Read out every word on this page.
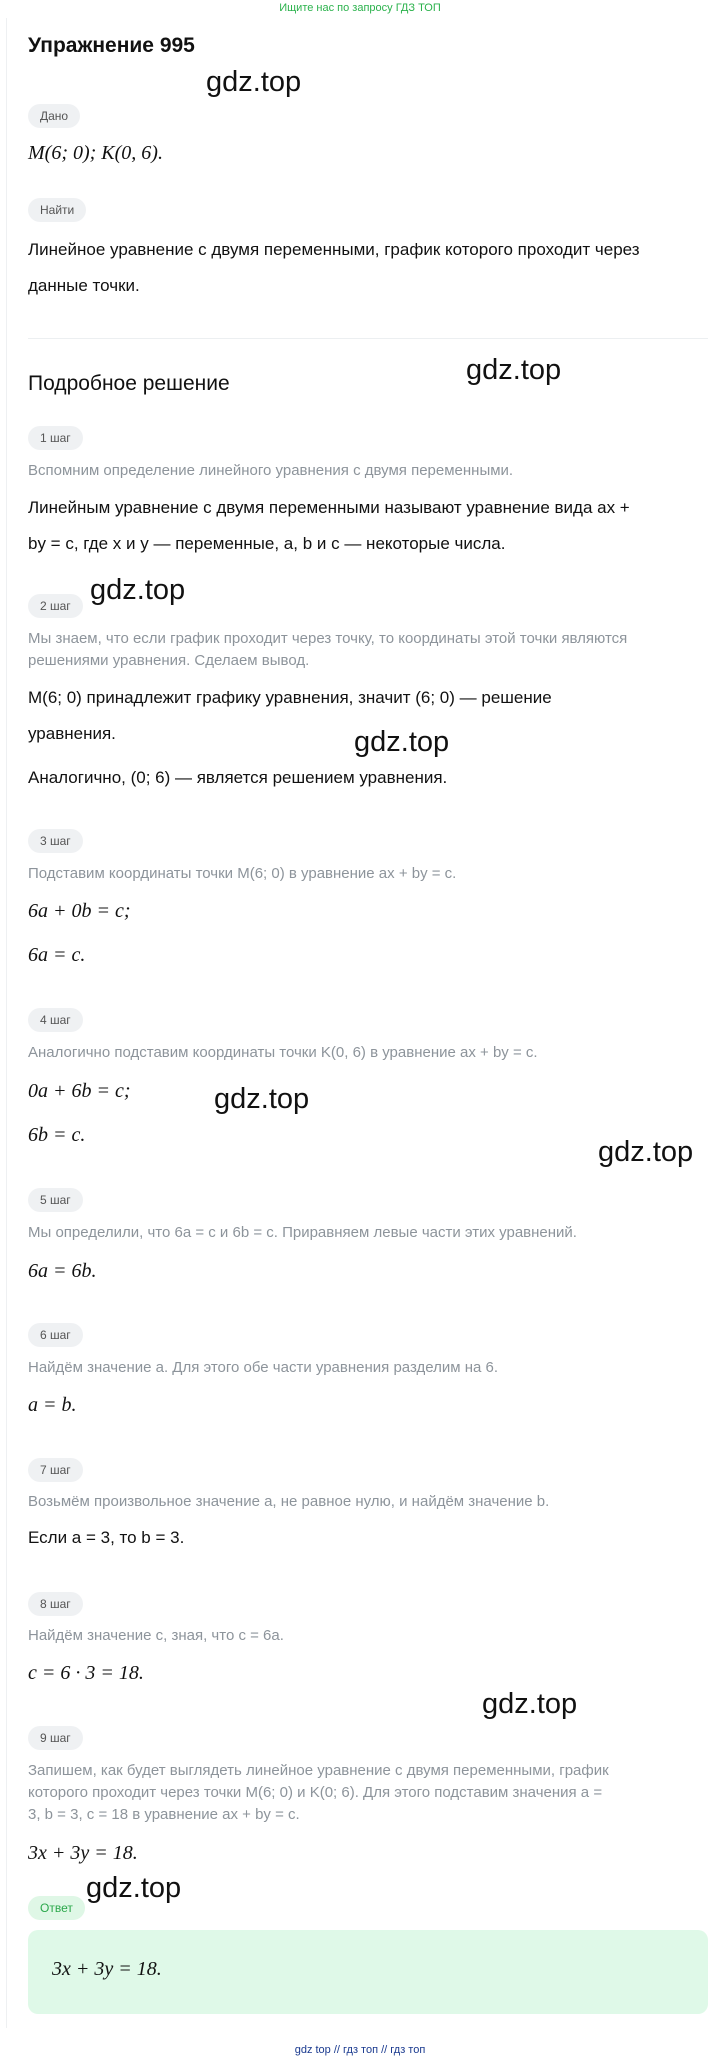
Ищите нас по запросу ГДЗ ТОП
Упражнение 995
Дано
M(6; 0); K(0, 6).
Найти
Линейное уравнение с двумя переменными, график которого проходит через
данные точки.
Подробное решение
1 шаг
Вспомним определение линейного уравнения с двумя переменными.
Линейным уравнение с двумя переменными называют уравнение вида ax +
by = c, где x и y — переменные, a, b и c — некоторые числа.
2 шаг
Мы знаем, что если график проходит через точку, то координаты этой точки являются
решениями уравнения. Сделаем вывод.
M(6; 0) принадлежит графику уравнения, значит (6; 0) — решение
уравнения.
Аналогично, (0; 6) — является решением уравнения.
3 шаг
Подставим координаты точки M(6; 0) в уравнение ax + by = c.
6a + 0b = c;
6a = c.
4 шаг
Аналогично подставим координаты точки K(0, 6) в уравнение ax + by = c.
0a + 6b = c;
6b = c.
5 шаг
Мы определили, что 6a = c и 6b = c. Приравняем левые части этих уравнений.
6a = 6b.
6 шаг
Найдём значение a. Для этого обе части уравнения разделим на 6.
a = b.
7 шаг
Возьмём произвольное значение a, не равное нулю, и найдём значение b.
Если a = 3, то b = 3.
8 шаг
Найдём значение c, зная, что c = 6a.
c = 6 · 3 = 18.
9 шаг
Запишем, как будет выглядеть линейное уравнение с двумя переменными, график
которого проходит через точки M(6; 0) и K(0; 6). Для этого подставим значения a =
3, b = 3, c = 18 в уравнение ax + by = c.
3x + 3y = 18.
Ответ
3x + 3y = 18.
gdz.top
gdz.top
gdz.top
gdz.top
gdz.top
gdz.top
gdz.top
gdz.top
gdz top // гдз топ // гдз топ
